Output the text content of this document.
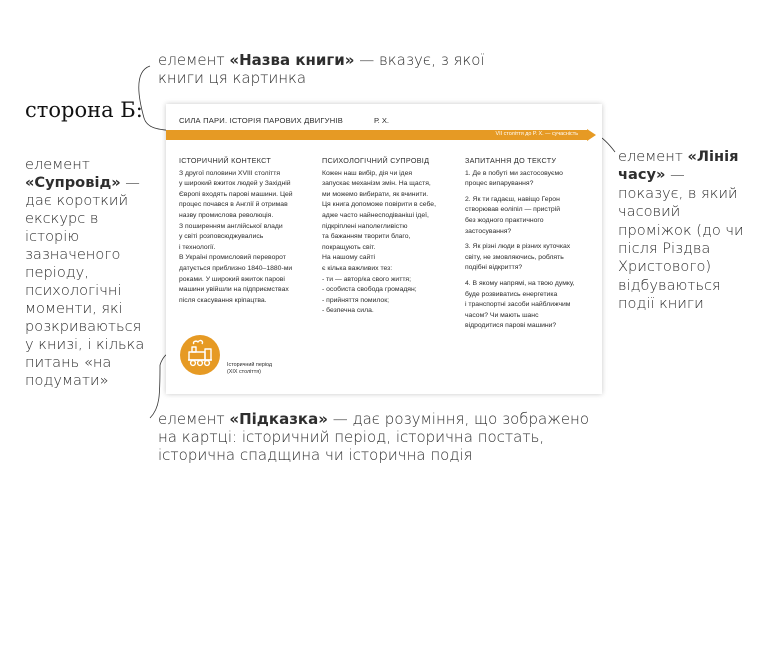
елемент «Назва книги» — вказує, з якої книги ця картинка
сторона Б:
елемент «Супровід» — дає короткий екскурс в історію зазначеного періоду, психологічні моменти, які розкриваються у книзі, і кілька питань «на подумати»
елемент «Лінія часу» — показує, в який часовий проміжок (до чи після Різдва Христового) відбуваються події книги
елемент «Підказка» — дає розуміння, що зображено на картці: історичний період, історична постать, історична спадщина чи історична подія
СИЛА ПАРИ. ІСТОРІЯ ПАРОВИХ ДВИГУНІВ	Р. Х.
VII століття до Р. Х. — сучасність
ІСТОРИЧНИЙ КОНТЕКСТ

З другої половини XVIII століття
у широкий вжиток людей у Західній
Європі входять парові машини. Цей
процес почався в Англії й отримав
назву промислова революція.
З поширенням англійської влади
у світі розповсюджувались
і технології.

В Україні промисловий переворот
датується приблизно 1840–1880-ми
роками. У широкий вжиток парові
машини увійшли на підприємствах
після скасування кріпацтва.

ПСИХОЛОГІЧНИЙ СУПРОВІД

Кожен наш вибір, дія чи ідея
запускає механізм змін. На щастя,
ми можемо вибирати, як вчинити.
Ця книга допоможе повірити в себе,
адже часто найнесподіваніші ідеї,
підкріплені наполегливістю
та бажанням творити благо,
покращують світ.
На нашому сайті
є кілька важливих тез:
- ти — автор/ка свого життя;
- особиста свобода громадян;
- прийняття помилок;
- безпечна сила.

ЗАПИТАННЯ ДО ТЕКСТУ

1. Де в побуті ми застосовуємо
процес випарування?

2. Як ти гадаєш, навіщо Герон
створював еоліпіл — пристрій
без жодного практичного
застосування?

3. Як різні люди в різних куточках
світу, не змовляючись, роблять
подібні відкриття?

4. В якому напрямі, на твою думку,
буде розвиватись енергетика
і транспортні засоби найближчим
часом? Чи мають шанс
відродитися парові машини?

Історичний період
(XIX століття)
